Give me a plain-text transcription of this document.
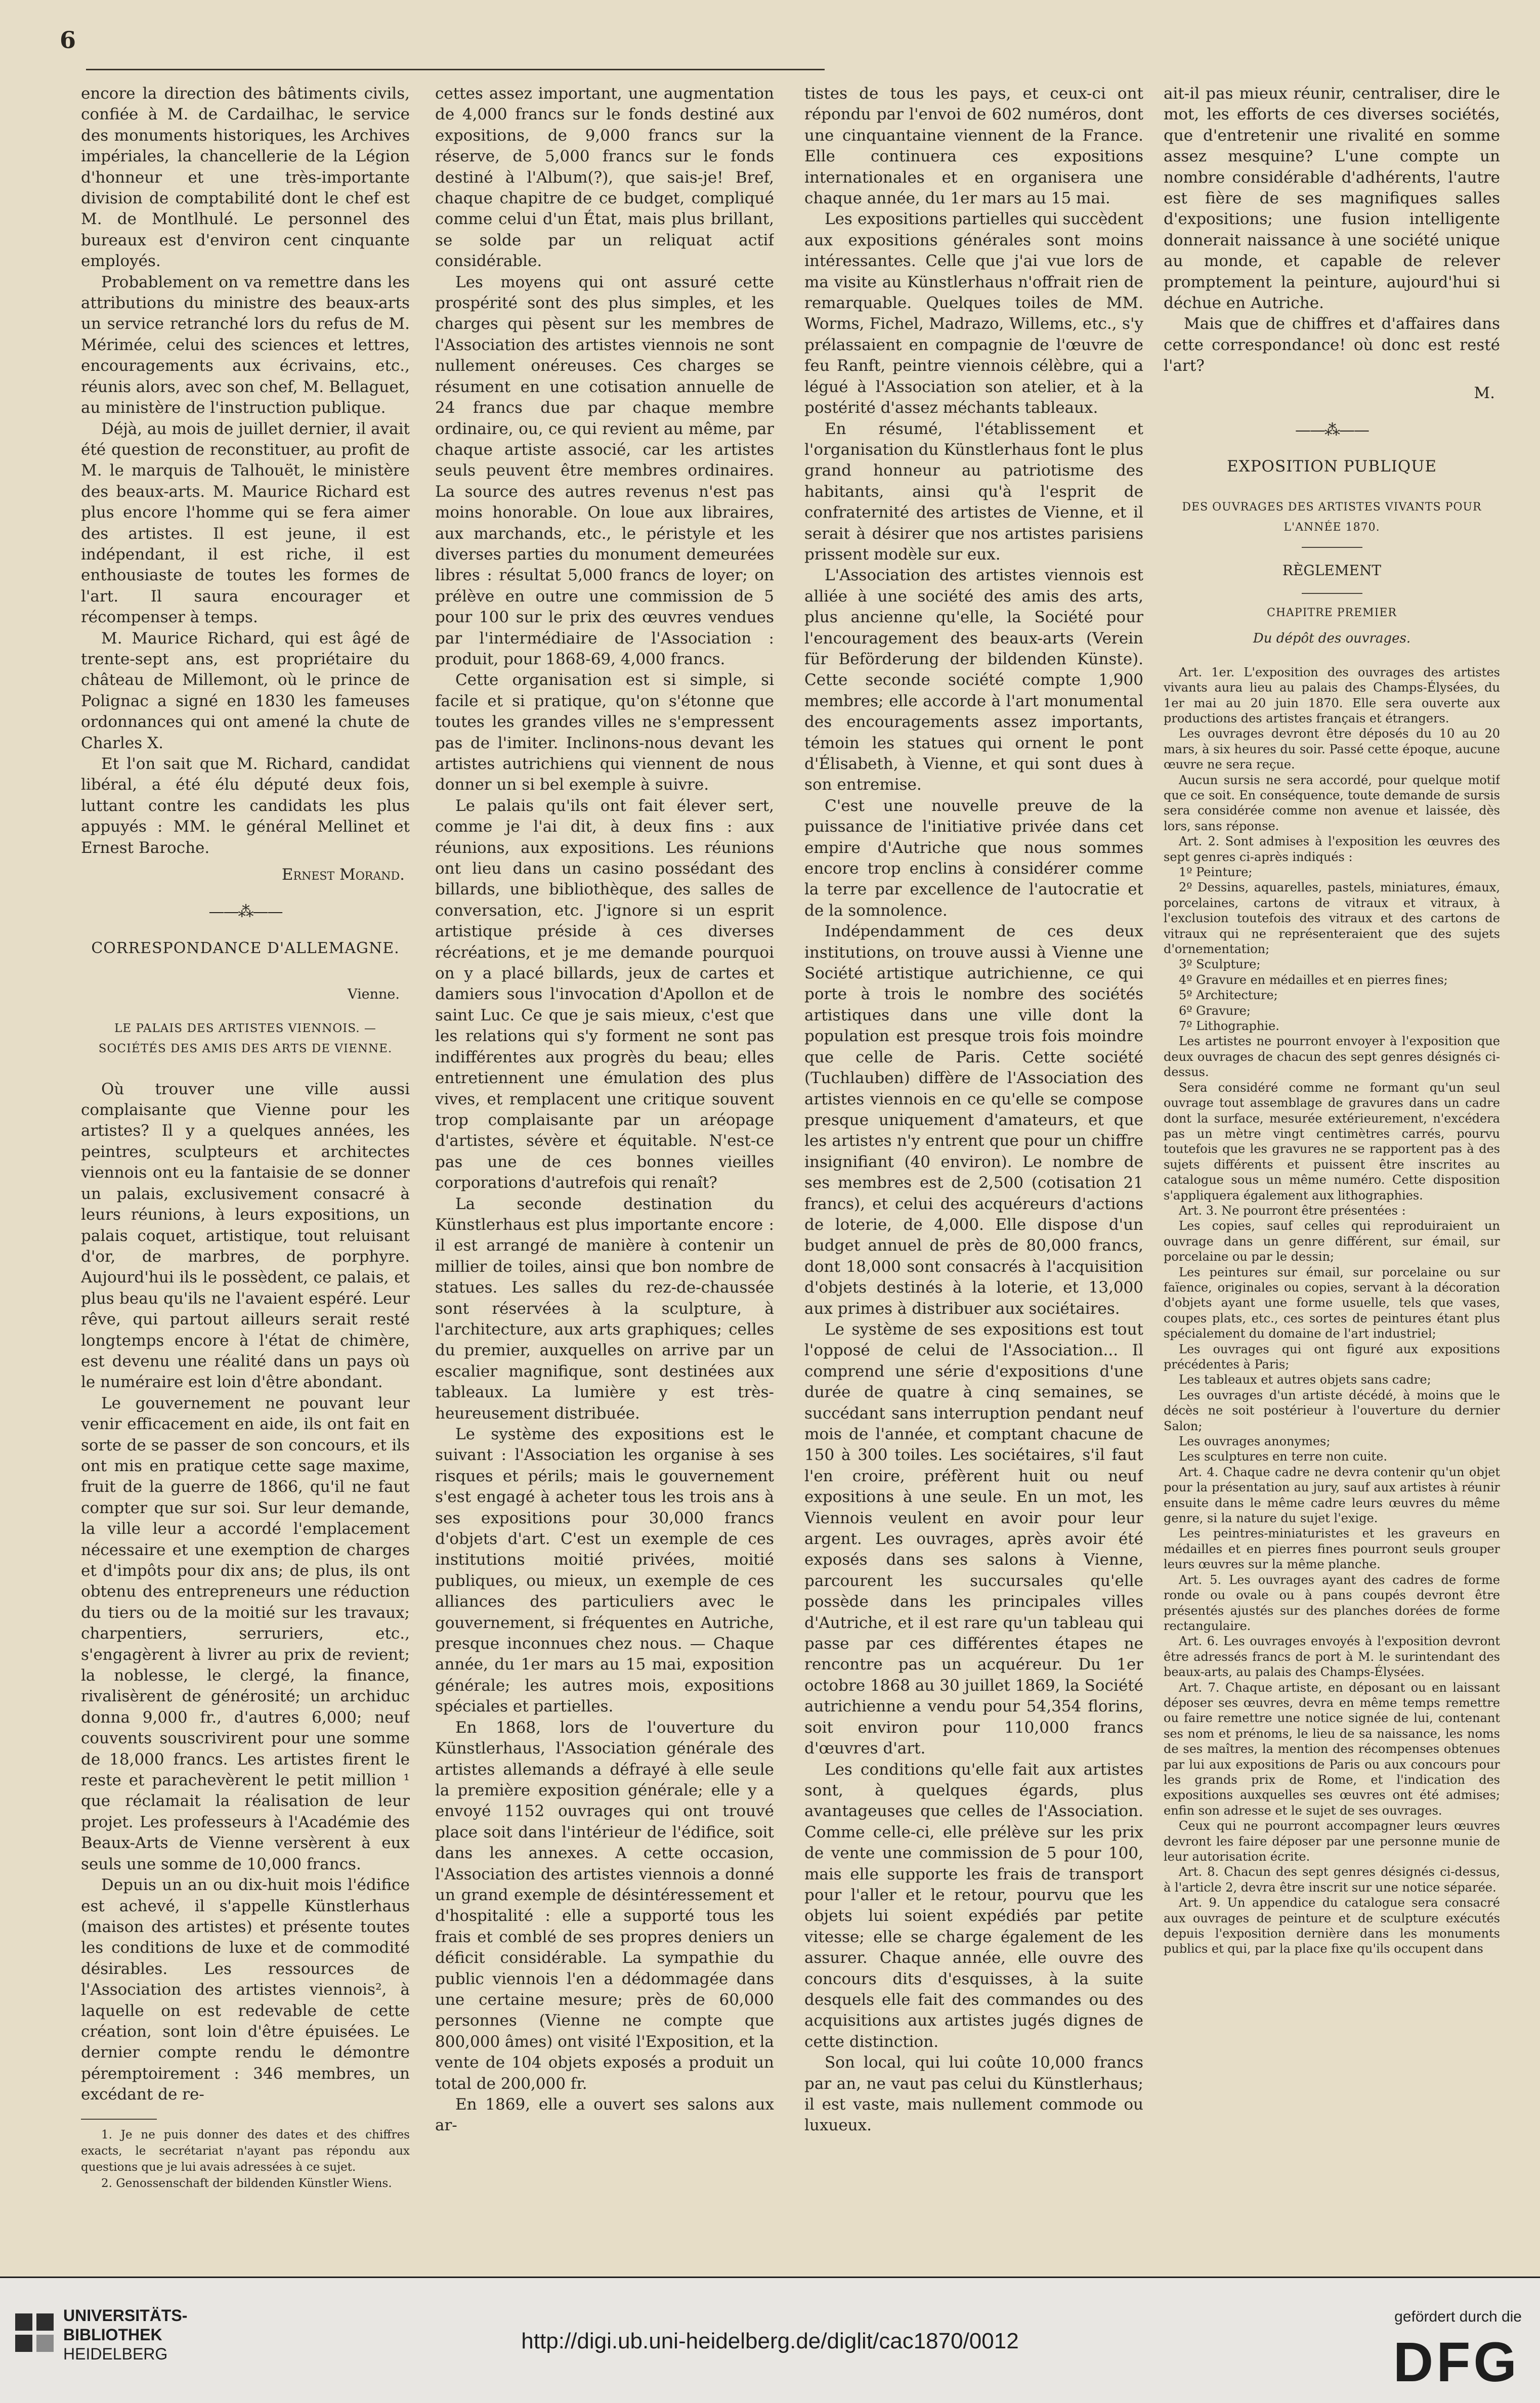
6

encore la direction des bâtiments civils, confiée à M. de Cardailhac, le service des monuments historiques, les Archives impériales, la chancellerie de la Légion d'honneur et une très-importante division de comptabilité dont le chef est M. de Montlhulé. Le personnel des bureaux est d'environ cent cinquante employés.

Probablement on va remettre dans les attributions du ministre des beaux-arts un service retranché lors du refus de M. Mérimée, celui des sciences et lettres, encouragements aux écrivains, etc., réunis alors, avec son chef, M. Bellaguet, au ministère de l'instruction publique.

Déjà, au mois de juillet dernier, il avait été question de reconstituer, au profit de M. le marquis de Talhouët, le ministère des beaux-arts. M. Maurice Richard est plus encore l'homme qui se fera aimer des artistes. Il est jeune, il est indépendant, il est riche, il est enthousiaste de toutes les formes de l'art. Il saura encourager et récompenser à temps.

M. Maurice Richard, qui est âgé de trente-sept ans, est propriétaire du château de Millemont, où le prince de Polignac a signé en 1830 les fameuses ordonnances qui ont amené la chute de Charles X.

Et l'on sait que M. Richard, candidat libéral, a été élu député deux fois, luttant contre les candidats les plus appuyés : MM. le général Mellinet et Ernest Baroche.

Ernest Morand.
——⁂——
CORRESPONDANCE D'ALLEMAGNE.
Vienne.
LE PALAIS DES ARTISTES VIENNOIS. — SOCIÉTÉS DES AMIS DES ARTS DE VIENNE.

Où trouver une ville aussi complaisante que Vienne pour les artistes? Il y a quelques années, les peintres, sculpteurs et architectes viennois ont eu la fantaisie de se donner un palais, exclusivement consacré à leurs réunions, à leurs expositions, un palais coquet, artistique, tout reluisant d'or, de marbres, de porphyre. Aujourd'hui ils le possèdent, ce palais, et plus beau qu'ils ne l'avaient espéré. Leur rêve, qui partout ailleurs serait resté longtemps encore à l'état de chimère, est devenu une réalité dans un pays où le numéraire est loin d'être abondant.

Le gouvernement ne pouvant leur venir efficacement en aide, ils ont fait en sorte de se passer de son concours, et ils ont mis en pratique cette sage maxime, fruit de la guerre de 1866, qu'il ne faut compter que sur soi. Sur leur demande, la ville leur a accordé l'emplacement nécessaire et une exemption de charges et d'impôts pour dix ans; de plus, ils ont obtenu des entrepreneurs une réduction du tiers ou de la moitié sur les travaux; charpentiers, serruriers, etc., s'engagèrent à livrer au prix de revient; la noblesse, le clergé, la finance, rivalisèrent de générosité; un archiduc donna 9,000 fr., d'autres 6,000; neuf couvents souscrivirent pour une somme de 18,000 francs. Les artistes firent le reste et parachevèrent le petit million ¹ que réclamait la réalisation de leur projet. Les professeurs à l'Académie des Beaux-Arts de Vienne versèrent à eux seuls une somme de 10,000 francs.

Depuis un an ou dix-huit mois l'édifice est achevé, il s'appelle Künstlerhaus (maison des artistes) et présente toutes les conditions de luxe et de commodité désirables. Les ressources de l'Association des artistes viennois², à laquelle on est redevable de cette création, sont loin d'être épuisées. Le dernier compte rendu le démontre péremptoirement : 346 membres, un excédant de re-

1. Je ne puis donner des dates et des chiffres exacts, le secrétariat n'ayant pas répondu aux questions que je lui avais adressées à ce sujet.

2. Genossenschaft der bildenden Künstler Wiens.

cettes assez important, une augmentation de 4,000 francs sur le fonds destiné aux expositions, de 9,000 francs sur la réserve, de 5,000 francs sur le fonds destiné à l'Album(?), que sais-je! Bref, chaque chapitre de ce budget, compliqué comme celui d'un État, mais plus brillant, se solde par un reliquat actif considérable.

Les moyens qui ont assuré cette prospérité sont des plus simples, et les charges qui pèsent sur les membres de l'Association des artistes viennois ne sont nullement onéreuses. Ces charges se résument en une cotisation annuelle de 24 francs due par chaque membre ordinaire, ou, ce qui revient au même, par chaque artiste associé, car les artistes seuls peuvent être membres ordinaires. La source des autres revenus n'est pas moins honorable. On loue aux libraires, aux marchands, etc., le péristyle et les diverses parties du monument demeurées libres : résultat 5,000 francs de loyer; on prélève en outre une commission de 5 pour 100 sur le prix des œuvres vendues par l'intermédiaire de l'Association : produit, pour 1868-69, 4,000 francs.

Cette organisation est si simple, si facile et si pratique, qu'on s'étonne que toutes les grandes villes ne s'empressent pas de l'imiter. Inclinons-nous devant les artistes autrichiens qui viennent de nous donner un si bel exemple à suivre.

Le palais qu'ils ont fait élever sert, comme je l'ai dit, à deux fins : aux réunions, aux expositions. Les réunions ont lieu dans un casino possédant des billards, une bibliothèque, des salles de conversation, etc. J'ignore si un esprit artistique préside à ces diverses récréations, et je me demande pourquoi on y a placé billards, jeux de cartes et damiers sous l'invocation d'Apollon et de saint Luc. Ce que je sais mieux, c'est que les relations qui s'y forment ne sont pas indifférentes aux progrès du beau; elles entretiennent une émulation des plus vives, et remplacent une critique souvent trop complaisante par un aréopage d'artistes, sévère et équitable. N'est-ce pas une de ces bonnes vieilles corporations d'autrefois qui renaît?

La seconde destination du Künstlerhaus est plus importante encore : il est arrangé de manière à contenir un millier de toiles, ainsi que bon nombre de statues. Les salles du rez-de-chaussée sont réservées à la sculpture, à l'architecture, aux arts graphiques; celles du premier, auxquelles on arrive par un escalier magnifique, sont destinées aux tableaux. La lumière y est très-heureusement distribuée.

Le système des expositions est le suivant : l'Association les organise à ses risques et périls; mais le gouvernement s'est engagé à acheter tous les trois ans à ses expositions pour 30,000 francs d'objets d'art. C'est un exemple de ces institutions moitié privées, moitié publiques, ou mieux, un exemple de ces alliances des particuliers avec le gouvernement, si fréquentes en Autriche, presque inconnues chez nous. — Chaque année, du 1er mars au 15 mai, exposition générale; les autres mois, expositions spéciales et partielles.

En 1868, lors de l'ouverture du Künstlerhaus, l'Association générale des artistes allemands a défrayé à elle seule la première exposition générale; elle y a envoyé 1152 ouvrages qui ont trouvé place soit dans l'intérieur de l'édifice, soit dans les annexes. A cette occasion, l'Association des artistes viennois a donné un grand exemple de désintéressement et d'hospitalité : elle a supporté tous les frais et comblé de ses propres deniers un déficit considérable. La sympathie du public viennois l'en a dédommagée dans une certaine mesure; près de 60,000 personnes (Vienne ne compte que 800,000 âmes) ont visité l'Exposition, et la vente de 104 objets exposés a produit un total de 200,000 fr.

En 1869, elle a ouvert ses salons aux ar-

tistes de tous les pays, et ceux-ci ont répondu par l'envoi de 602 numéros, dont une cinquantaine viennent de la France. Elle continuera ces expositions internationales et en organisera une chaque année, du 1er mars au 15 mai.

Les expositions partielles qui succèdent aux expositions générales sont moins intéressantes. Celle que j'ai vue lors de ma visite au Künstlerhaus n'offrait rien de remarquable. Quelques toiles de MM. Worms, Fichel, Madrazo, Willems, etc., s'y prélassaient en compagnie de l'œuvre de feu Ranft, peintre viennois célèbre, qui a légué à l'Association son atelier, et à la postérité d'assez méchants tableaux.

En résumé, l'établissement et l'organisation du Künstlerhaus font le plus grand honneur au patriotisme des habitants, ainsi qu'à l'esprit de confraternité des artistes de Vienne, et il serait à désirer que nos artistes parisiens prissent modèle sur eux.

L'Association des artistes viennois est alliée à une société des amis des arts, plus ancienne qu'elle, la Société pour l'encouragement des beaux-arts (Verein für Beförderung der bildenden Künste). Cette seconde société compte 1,900 membres; elle accorde à l'art monumental des encouragements assez importants, témoin les statues qui ornent le pont d'Élisabeth, à Vienne, et qui sont dues à son entremise.

C'est une nouvelle preuve de la puissance de l'initiative privée dans cet empire d'Autriche que nous sommes encore trop enclins à considérer comme la terre par excellence de l'autocratie et de la somnolence.

Indépendamment de ces deux institutions, on trouve aussi à Vienne une Société artistique autrichienne, ce qui porte à trois le nombre des sociétés artistiques dans une ville dont la population est presque trois fois moindre que celle de Paris. Cette société (Tuchlauben) diffère de l'Association des artistes viennois en ce qu'elle se compose presque uniquement d'amateurs, et que les artistes n'y entrent que pour un chiffre insignifiant (40 environ). Le nombre de ses membres est de 2,500 (cotisation 21 francs), et celui des acquéreurs d'actions de loterie, de 4,000. Elle dispose d'un budget annuel de près de 80,000 francs, dont 18,000 sont consacrés à l'acquisition d'objets destinés à la loterie, et 13,000 aux primes à distribuer aux sociétaires.

Le système de ses expositions est tout l'opposé de celui de l'Association... Il comprend une série d'expositions d'une durée de quatre à cinq semaines, se succédant sans interruption pendant neuf mois de l'année, et comptant chacune de 150 à 300 toiles. Les sociétaires, s'il faut l'en croire, préfèrent huit ou neuf expositions à une seule. En un mot, les Viennois veulent en avoir pour leur argent. Les ouvrages, après avoir été exposés dans ses salons à Vienne, parcourent les succursales qu'elle possède dans les principales villes d'Autriche, et il est rare qu'un tableau qui passe par ces différentes étapes ne rencontre pas un acquéreur. Du 1er octobre 1868 au 30 juillet 1869, la Société autrichienne a vendu pour 54,354 florins, soit environ pour 110,000 francs d'œuvres d'art.

Les conditions qu'elle fait aux artistes sont, à quelques égards, plus avantageuses que celles de l'Association. Comme celle-ci, elle prélève sur les prix de vente une commission de 5 pour 100, mais elle supporte les frais de transport pour l'aller et le retour, pourvu que les objets lui soient expédiés par petite vitesse; elle se charge également de les assurer. Chaque année, elle ouvre des concours dits d'esquisses, à la suite desquels elle fait des commandes ou des acquisitions aux artistes jugés dignes de cette distinction.

Son local, qui lui coûte 10,000 francs par an, ne vaut pas celui du Künstlerhaus; il est vaste, mais nullement commode ou luxueux.

ait-il pas mieux réunir, centraliser, dire le mot, les efforts de ces diverses sociétés, que d'entretenir une rivalité en somme assez mesquine? L'une compte un nombre considérable d'adhérents, l'autre est fière de ses magnifiques salles d'expositions; une fusion intelligente donnerait naissance à une société unique au monde, et capable de relever promptement la peinture, aujourd'hui si déchue en Autriche.

Mais que de chiffres et d'affaires dans cette correspondance! où donc est resté l'art?

M.
——⁂——
EXPOSITION PUBLIQUE
DES OUVRAGES DES ARTISTES VIVANTS POUR L'ANNÉE 1870.
RÈGLEMENT
CHAPITRE PREMIER
Du dépôt des ouvrages.

Art. 1er. L'exposition des ouvrages des artistes vivants aura lieu au palais des Champs-Élysées, du 1er mai au 20 juin 1870. Elle sera ouverte aux productions des artistes français et étrangers.

Les ouvrages devront être déposés du 10 au 20 mars, à six heures du soir. Passé cette époque, aucune œuvre ne sera reçue.

Aucun sursis ne sera accordé, pour quelque motif que ce soit. En conséquence, toute demande de sursis sera considérée comme non avenue et laissée, dès lors, sans réponse.

Art. 2. Sont admises à l'exposition les œuvres des sept genres ci-après indiqués :

1º Peinture;

2º Dessins, aquarelles, pastels, miniatures, émaux, porcelaines, cartons de vitraux et vitraux, à l'exclusion toutefois des vitraux et des cartons de vitraux qui ne représenteraient que des sujets d'ornementation;

3º Sculpture;

4º Gravure en médailles et en pierres fines;

5º Architecture;

6º Gravure;

7º Lithographie.

Les artistes ne pourront envoyer à l'exposition que deux ouvrages de chacun des sept genres désignés ci-dessus.

Sera considéré comme ne formant qu'un seul ouvrage tout assemblage de gravures dans un cadre dont la surface, mesurée extérieurement, n'excédera pas un mètre vingt centimètres carrés, pourvu toutefois que les gravures ne se rapportent pas à des sujets différents et puissent être inscrites au catalogue sous un même numéro. Cette disposition s'appliquera également aux lithographies.

Art. 3. Ne pourront être présentées :

Les copies, sauf celles qui reproduiraient un ouvrage dans un genre différent, sur émail, sur porcelaine ou par le dessin;

Les peintures sur émail, sur porcelaine ou sur faïence, originales ou copies, servant à la décoration d'objets ayant une forme usuelle, tels que vases, coupes plats, etc., ces sortes de peintures étant plus spécialement du domaine de l'art industriel;

Les ouvrages qui ont figuré aux expositions précédentes à Paris;

Les tableaux et autres objets sans cadre;

Les ouvrages d'un artiste décédé, à moins que le décès ne soit postérieur à l'ouverture du dernier Salon;

Les ouvrages anonymes;

Les sculptures en terre non cuite.

Art. 4. Chaque cadre ne devra contenir qu'un objet pour la présentation au jury, sauf aux artistes à réunir ensuite dans le même cadre leurs œuvres du même genre, si la nature du sujet l'exige.

Les peintres-miniaturistes et les graveurs en médailles et en pierres fines pourront seuls grouper leurs œuvres sur la même planche.

Art. 5. Les ouvrages ayant des cadres de forme ronde ou ovale ou à pans coupés devront être présentés ajustés sur des planches dorées de forme rectangulaire.

Art. 6. Les ouvrages envoyés à l'exposition devront être adressés francs de port à M. le surintendant des beaux-arts, au palais des Champs-Élysées.

Art. 7. Chaque artiste, en déposant ou en laissant déposer ses œuvres, devra en même temps remettre ou faire remettre une notice signée de lui, contenant ses nom et prénoms, le lieu de sa naissance, les noms de ses maîtres, la mention des récompenses obtenues par lui aux expositions de Paris ou aux concours pour les grands prix de Rome, et l'indication des expositions auxquelles ses œuvres ont été admises; enfin son adresse et le sujet de ses ouvrages.

Ceux qui ne pourront accompagner leurs œuvres devront les faire déposer par une personne munie de leur autorisation écrite.

Art. 8. Chacun des sept genres désignés ci-dessus, à l'article 2, devra être inscrit sur une notice séparée.

Art. 9. Un appendice du catalogue sera consacré aux ouvrages de peinture et de sculpture exécutés depuis l'exposition dernière dans les monuments publics et qui, par la place fixe qu'ils occupent dans

UNIVERSITÄTS-
BIBLIOTHEK
HEIDELBERG
http://digi.ub.uni-heidelberg.de/diglit/cac1870/0012
gefördert durch die
DFG
